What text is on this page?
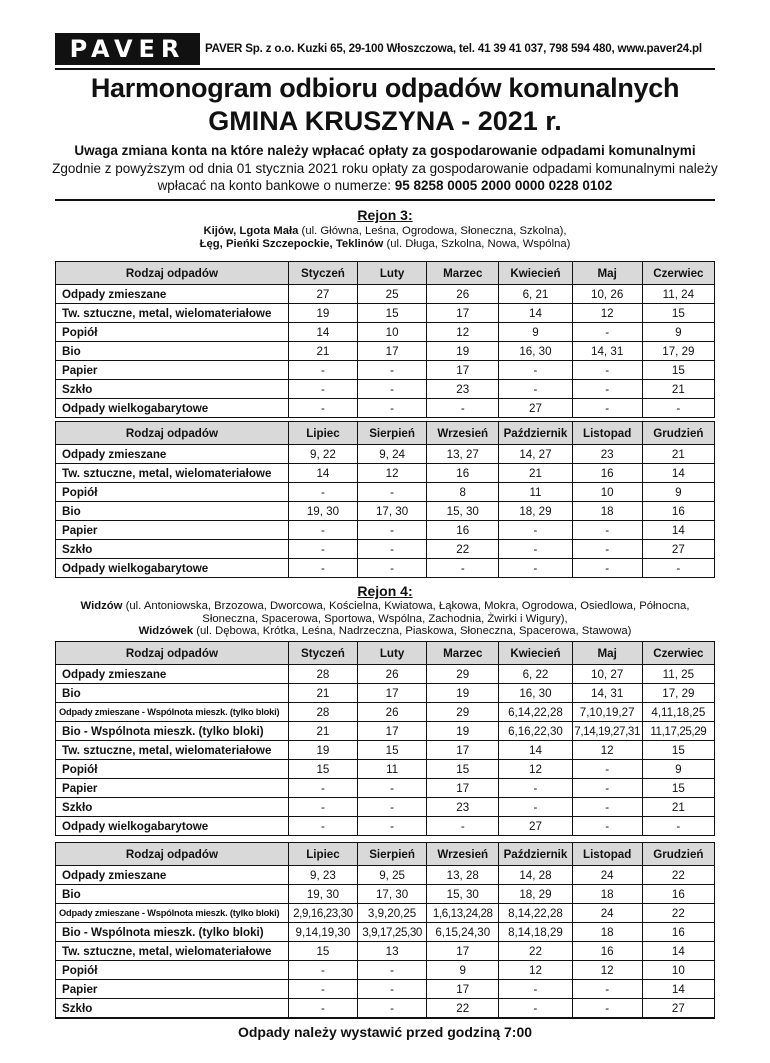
PAVER	PAVER Sp. z o.o. Kuzki 65, 29-100 Włoszczowa, tel. 41 39 41 037, 798 594 480, www.paver24.pl
Harmonogram odbioru odpadów komunalnych
GMINA KRUSZYNA - 2021 r.
Uwaga zmiana konta na które należy wpłacać opłaty za gospodarowanie odpadami komunalnymi
Zgodnie z powyższym od dnia 01 stycznia 2021 roku opłaty za gospodarowanie odpadami komunalnymi należy
wpłacać na konto bankowe o numerze: 95 8258 0005 2000 0000 0228 0102
Rejon 3:
Kijów, Lgota Mała (ul. Główna, Leśna, Ogrodowa, Słoneczna, Szkolna),
Łęg, Pieńki Szczepockie, Teklinów (ul. Długa, Szkolna, Nowa, Wspólna)
Rodzaj odpadów	Styczeń	Luty	Marzec	Kwiecień	Maj	Czerwiec
Odpady zmieszane	27	25	26	6, 21	10, 26	11, 24
Tw. sztuczne, metal, wielomateriałowe	19	15	17	14	12	15
Popiół	14	10	12	9	-	9
Bio	21	17	19	16, 30	14, 31	17, 29
Papier	-	-	17	-	-	15
Szkło	-	-	23	-	-	21
Odpady wielkogabarytowe	-	-	-	27	-	-
Rodzaj odpadów	Lipiec	Sierpień	Wrzesień	Październik	Listopad	Grudzień
Odpady zmieszane	9, 22	9, 24	13, 27	14, 27	23	21
Tw. sztuczne, metal, wielomateriałowe	14	12	16	21	16	14
Popiół	-	-	8	11	10	9
Bio	19, 30	17, 30	15, 30	18, 29	18	16
Papier	-	-	16	-	-	14
Szkło	-	-	22	-	-	27
Odpady wielkogabarytowe	-	-	-	-	-	-
Rejon 4:
Widzów (ul. Antoniowska, Brzozowa, Dworcowa, Kościelna, Kwiatowa, Łąkowa, Mokra, Ogrodowa, Osiedlowa, Północna, Słoneczna, Spacerowa, Sportowa, Wspólna, Zachodnia, Żwirki i Wigury),
Widzówek (ul. Dębowa, Krótka, Leśna, Nadrzeczna, Piaskowa, Słoneczna, Spacerowa, Stawowa)
Rodzaj odpadów	Styczeń	Luty	Marzec	Kwiecień	Maj	Czerwiec
Odpady zmieszane	28	26	29	6, 22	10, 27	11, 25
Bio	21	17	19	16, 30	14, 31	17, 29
Odpady zmieszane - Wspólnota mieszk. (tylko bloki)	28	26	29	6,14,22,28	7,10,19,27	4,11,18,25
Bio - Wspólnota mieszk. (tylko bloki)	21	17	19	6,16,22,30	7,14,19,27,31	11,17,25,29
Tw. sztuczne, metal, wielomateriałowe	19	15	17	14	12	15
Popiół	15	11	15	12	-	9
Papier	-	-	17	-	-	15
Szkło	-	-	23	-	-	21
Odpady wielkogabarytowe	-	-	-	27	-	-
Rodzaj odpadów	Lipiec	Sierpień	Wrzesień	Październik	Listopad	Grudzień
Odpady zmieszane	9, 23	9, 25	13, 28	14, 28	24	22
Bio	19, 30	17, 30	15, 30	18, 29	18	16
Odpady zmieszane - Wspólnota mieszk. (tylko bloki)	2,9,16,23,30	3,9,20,25	1,6,13,24,28	8,14,22,28	24	22
Bio - Wspólnota mieszk. (tylko bloki)	9,14,19,30	3,9,17,25,30	6,15,24,30	8,14,18,29	18	16
Tw. sztuczne, metal, wielomateriałowe	15	13	17	22	16	14
Popiół	-	-	9	12	12	10
Papier	-	-	17	-	-	14
Szkło	-	-	22	-	-	27
Odpady należy wystawić przed godziną 7:00
